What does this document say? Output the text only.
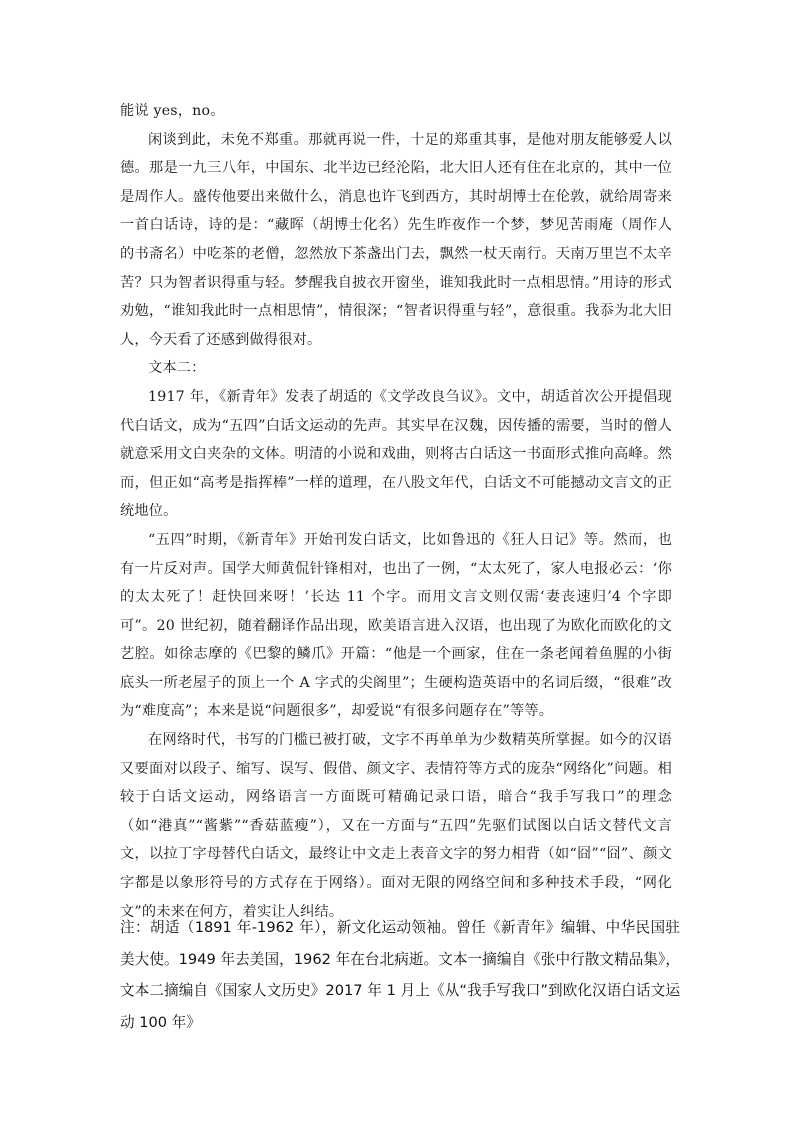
能说 yes，no。

闲谈到此，未免不郑重。那就再说一件，十足的郑重其事，是他对朋友能够爱人以德。那是一九三八年，中国东、北半边已经沦陷，北大旧人还有住在北京的，其中一位是周作人。盛传他要出来做什么，消息也许飞到西方，其时胡博士在伦敦，就给周寄来一首白话诗，诗的是：“藏晖（胡博士化名）先生昨夜作一个梦，梦见苦雨庵（周作人的书斋名）中吃茶的老僧，忽然放下茶盏出门去，飘然一杖天南行。天南万里岂不太辛苦？只为智者识得重与轻。梦醒我自披衣开窗坐，谁知我此时一点相思情。”用诗的形式劝勉，“谁知我此时一点相思情”，情很深；“智者识得重与轻”，意很重。我忝为北大旧人，今天看了还感到做得很对。

文本二：

1917 年，《新青年》发表了胡适的《文学改良刍议》。文中，胡适首次公开提倡现代白话文，成为“五四”白话文运动的先声。其实早在汉魏，因传播的需要，当时的僧人就意采用文白夹杂的文体。明清的小说和戏曲，则将古白话这一书面形式推向高峰。然而，但正如“高考是指挥棒”一样的道理，在八股文年代，白话文不可能撼动文言文的正统地位。

“五四”时期，《新青年》开始刊发白话文，比如鲁迅的《狂人日记》等。然而，也有一片反对声。国学大师黄侃针锋相对，也出了一例，“太太死了，家人电报必云：‘你的太太死了！赶快回来呀！’长达 11 个字。而用文言文则仅需‘妻丧速归’4 个字即可”。20 世纪初，随着翻译作品出现，欧美语言进入汉语，也出现了为欧化而欧化的文艺腔。如徐志摩的《巴黎的鳞爪》开篇：“他是一个画家，住在一条老闻着鱼腥的小街底头一所老屋子的顶上一个 A 字式的尖阁里”；生硬构造英语中的名词后缀，“很难”改为“难度高”；本来是说“问题很多”，却爱说“有很多问题存在”等等。

在网络时代，书写的门槛已被打破，文字不再单单为少数精英所掌握。如今的汉语又要面对以段子、缩写、误写、假借、颜文字、表情符等方式的庞杂“网络化”问题。相较于白话文运动，网络语言一方面既可精确记录口语，暗合“我手写我口”的理念（如“港真”“酱紫”“香菇蓝瘦”），又在一方面与“五四”先驱们试图以白话文替代文言文，以拉丁字母替代白话文，最终让中文走上表音文字的努力相背（如“囧”“囧”、颜文字都是以象形符号的方式存在于网络）。面对无限的网络空间和多种技术手段，“网化文”的未来在何方，着实让人纠结。

注：胡适（1891 年-1962 年），新文化运动领袖。曾任《新青年》编辑、中华民国驻美大使。1949 年去美国，1962 年在台北病逝。文本一摘编自《张中行散文精品集》，文本二摘编自《国家人文历史》2017 年 1 月上《从“我手写我口”到欧化汉语白话文运动 100 年》
